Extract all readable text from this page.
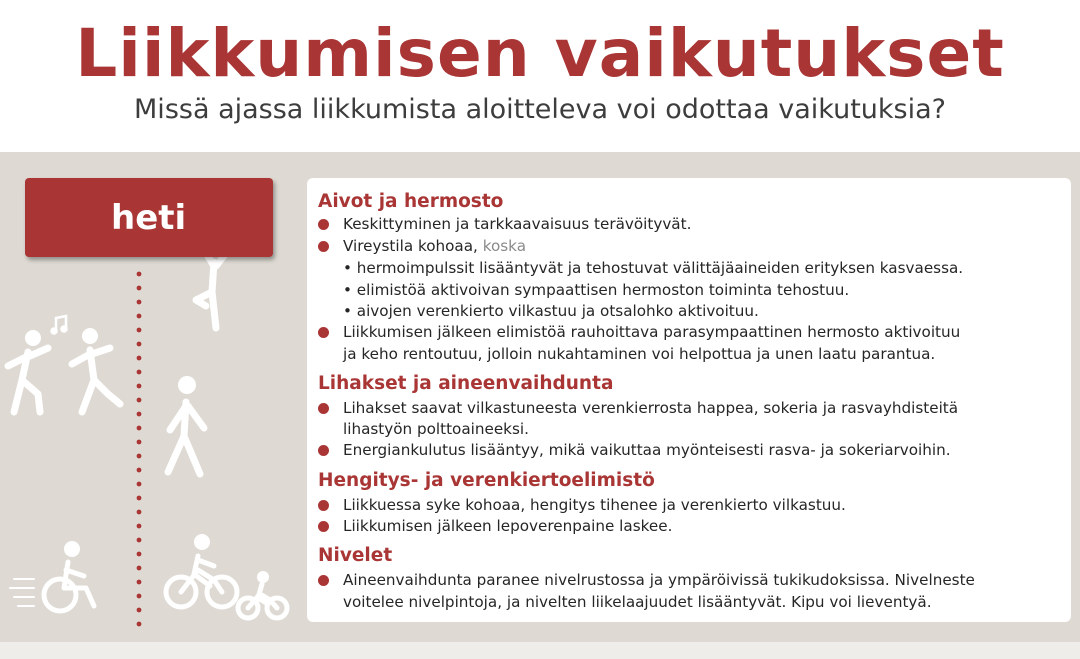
Liikkumisen vaikutukset
Missä ajassa liikkumista aloitteleva voi odottaa vaikutuksia?
heti	Aivot ja hermosto
Keskittyminen ja tarkkaavaisuus terävöityvät.
Vireystila kohoaa, koska
• hermoimpulssit lisääntyvät ja tehostuvat välittäjäaineiden erityksen kasvaessa.
• elimistöä aktivoivan sympaattisen hermoston toiminta tehostuu.
• aivojen verenkierto vilkastuu ja otsalohko aktivoituu.
Liikkumisen jälkeen elimistöä rauhoittava parasympaattinen hermosto aktivoituu
ja keho rentoutuu, jolloin nukahtaminen voi helpottua ja unen laatu parantua.
Lihakset ja aineenvaihdunta
Lihakset saavat vilkastuneesta verenkierrosta happea, sokeria ja rasvayhdisteitä
lihastyön polttoaineeksi.
Energiankulutus lisääntyy, mikä vaikuttaa myönteisesti rasva- ja sokeriarvoihin.
Hengitys- ja verenkiertoelimistö
Liikkuessa syke kohoaa, hengitys tihenee ja verenkierto vilkastuu.
Liikkumisen jälkeen lepoverenpaine laskee.
Nivelet
Aineenvaihdunta paranee nivelrustossa ja ympäröivissä tukikudoksissa. Nivelneste
voitelee nivelpintoja, ja nivelten liikelaajuudet lisääntyvät. Kipu voi lieventyä.
